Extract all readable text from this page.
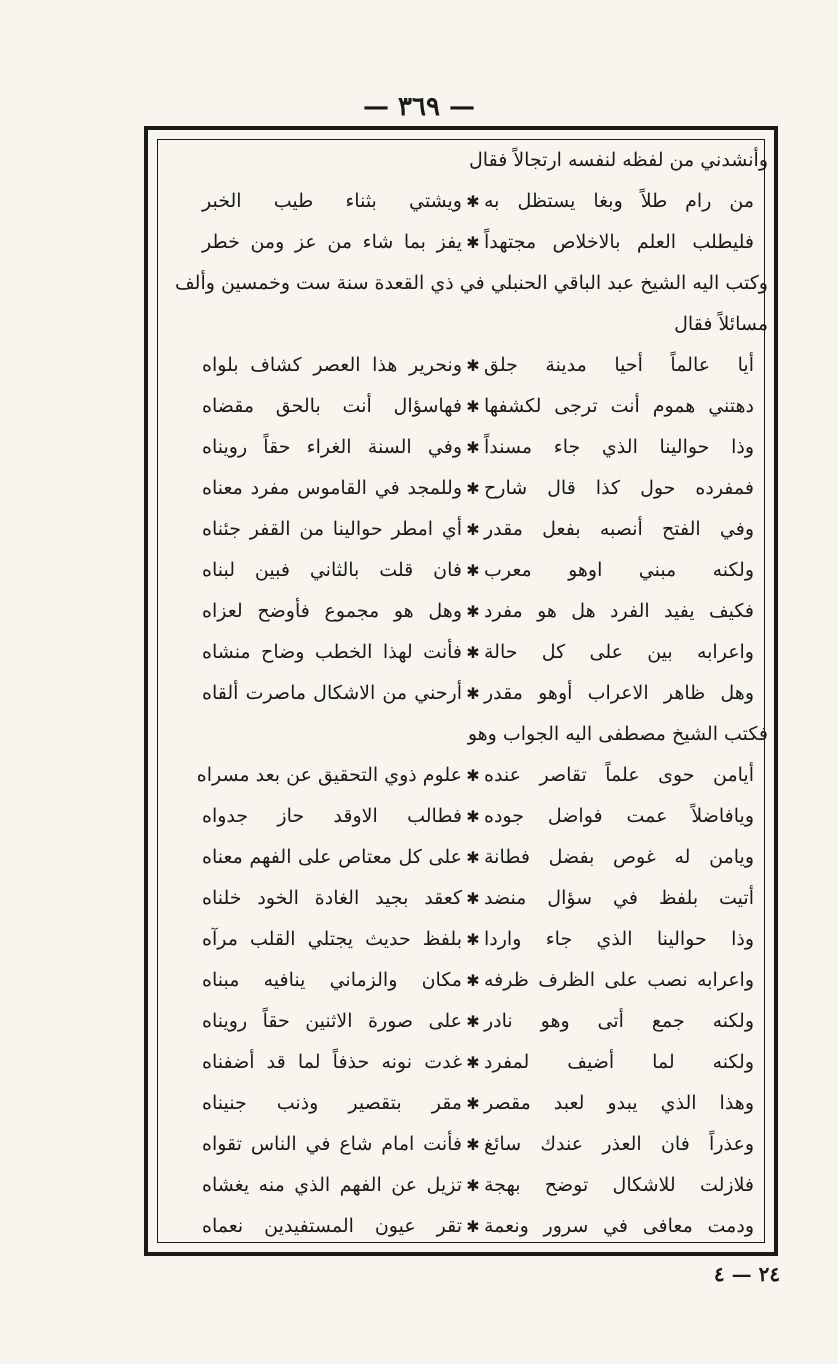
— ٣٦٩ —
وأنشدني من لفظه لنفسه ارتجالاً فقال
من رام طلاً وبغا يستظل به
✱
ويشتي بثناء طيب الخبر
فليطلب العلم بالاخلاص مجتهداً
✱
يفز بما شاء من عز ومن خطر
وكتب اليه الشيخ عبد الباقي الحنبلي في ذي القعدة سنة ست وخمسين وألف
مسائلاً فقال
أيا عالماً أحيا مدينة جلق
✱
ونحرير هذا العصر كشاف بلواه
دهتني هموم أنت ترجى لكشفها
✱
فهاسؤال أنت بالحق مقضاه
وذا حوالينا الذي جاء مسنداً
✱
وفي السنة الغراء حقاً رويناه
فمفرده حول كذا قال شارح
✱
وللمجد في القاموس مفرد معناه
وفي الفتح أنصبه بفعل مقدر
✱
أي امطر حوالينا من القفر جئناه
ولكنه مبني اوهو معرب
✱
فان قلت بالثاني فبين لبناه
فكيف يفيد الفرد هل هو مفرد
✱
وهل هو مجموع فأوضح لعزاه
واعرابه بين على كل حالة
✱
فأنت لهذا الخطب وضاح منشاه
وهل ظاهر الاعراب أوهو مقدر
✱
أرحني من الاشكال ماصرت ألقاه
فكتب الشيخ مصطفى اليه الجواب وهو
أيامن حوى علماً تقاصر عنده
✱
علوم ذوي التحقيق عن بعد مسراه
ويافاضلاً عمت فواضل جوده
✱
فطالب الاوقد حاز جدواه
ويامن له غوص بفضل فطانة
✱
على كل معتاص على الفهم معناه
أتيت بلفظ في سؤال منضد
✱
كعقد بجيد الغادة الخود خلناه
وذا حوالينا الذي جاء واردا
✱
بلفظ حديث يجتلي القلب مرآه
واعرابه نصب على الظرف ظرفه
✱
مكان والزماني ينافيه مبناه
ولكنه جمع أتى وهو نادر
✱
على صورة الاثنين حقاً رويناه
ولكنه لما أضيف لمفرد
✱
غدت نونه حذفاً لما قد أضفناه
وهذا الذي يبدو لعبد مقصر
✱
مقر بتقصير وذنب جنيناه
وعذراً فان العذر عندك سائغ
✱
فأنت امام شاع في الناس تقواه
فلازلت للاشكال توضح بهجة
✱
تزيل عن الفهم الذي منه يغشاه
ودمت معافى في سرور ونعمة
✱
تقر عيون المستفيدين نعماه
٢٤ — ٤
